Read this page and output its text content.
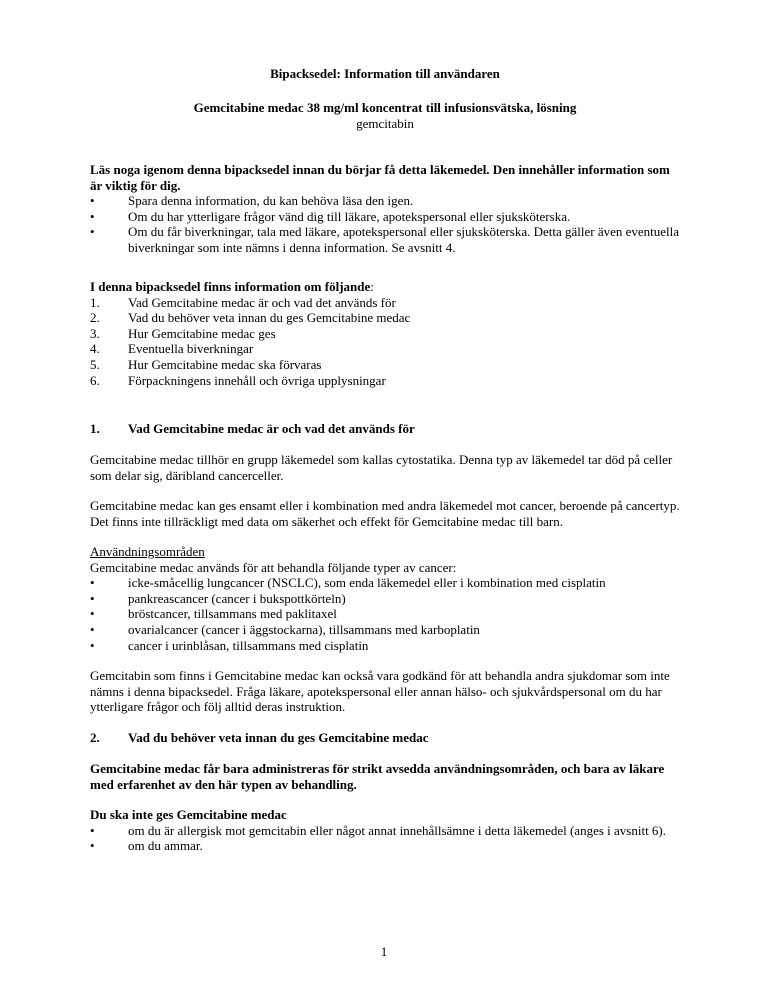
Bipacksedel: Information till användaren

Gemcitabine medac 38 mg/ml koncentrat till infusionsvätska, lösning

gemcitabin

Läs noga igenom denna bipacksedel innan du börjar få detta läkemedel. Den innehåller information som är viktig för dig.

•	Spara denna information, du kan behöva läsa den igen.
•	Om du har ytterligare frågor vänd dig till läkare, apotekspersonal eller sjuksköterska.
•	Om du får biverkningar, tala med läkare, apotekspersonal eller sjuksköterska. Detta gäller även eventuella biverkningar som inte nämns i denna information. Se avsnitt 4.

I denna bipacksedel finns information om följande:

1.	Vad Gemcitabine medac är och vad det används för
2.	Vad du behöver veta innan du ges Gemcitabine medac
3.	Hur Gemcitabine medac ges
4.	Eventuella biverkningar
5.	Hur Gemcitabine medac ska förvaras
6.	Förpackningens innehåll och övriga upplysningar
1.	Vad Gemcitabine medac är och vad det används för

Gemcitabine medac tillhör en grupp läkemedel som kallas cytostatika. Denna typ av läkemedel tar död på celler som delar sig, däribland cancerceller.

Gemcitabine medac kan ges ensamt eller i kombination med andra läkemedel mot cancer, beroende på cancertyp. Det finns inte tillräckligt med data om säkerhet och effekt för Gemcitabine medac till barn.

Användningsområden

Gemcitabine medac används för att behandla följande typer av cancer:

•	icke-småcellig lungcancer (NSCLC), som enda läkemedel eller i kombination med cisplatin
•	pankreascancer (cancer i bukspottkörteln)
•	bröstcancer, tillsammans med paklitaxel
•	ovarialcancer (cancer i äggstockarna), tillsammans med karboplatin
•	cancer i urinblåsan, tillsammans med cisplatin

Gemcitabin som finns i Gemcitabine medac kan också vara godkänd för att behandla andra sjukdomar som inte nämns i denna bipacksedel. Fråga läkare, apotekspersonal eller annan hälso- och sjukvårdspersonal om du har ytterligare frågor och följ alltid deras instruktion.

2.	Vad du behöver veta innan du ges Gemcitabine medac

Gemcitabine medac får bara administreras för strikt avsedda användningsområden, och bara av läkare med erfarenhet av den här typen av behandling.

Du ska inte ges Gemcitabine medac

•	om du är allergisk mot gemcitabin eller något annat innehållsämne i detta läkemedel (anges i avsnitt 6).
•	om du ammar.
1
